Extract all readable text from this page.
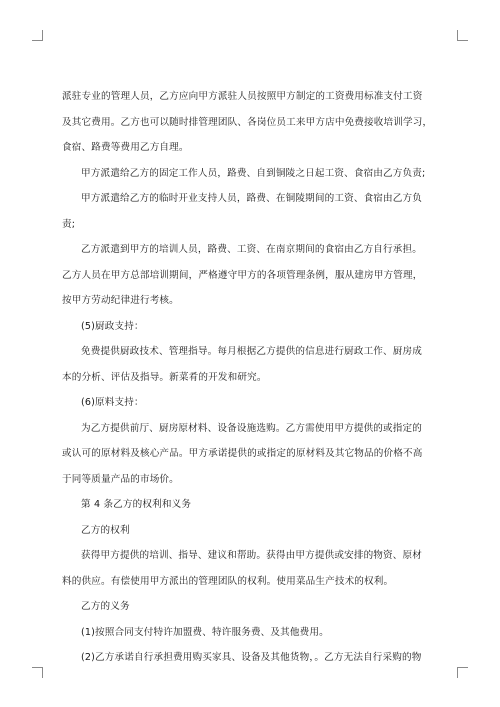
派驻专业的管理人员，乙方应向甲方派驻人员按照甲方制定的工资费用标准支付工资
及其它费用。乙方也可以随时排管理团队、各岗位员工来甲方店中免费接收培训学习，
食宿、路费等费用乙方自理。
甲方派遣给乙方的固定工作人员，路费、自到铜陵之日起工资、食宿由乙方负责;
甲方派遣给乙方的临时开业支持人员，路费、在铜陵期间的工资、食宿由乙方负
责;
乙方派遣到甲方的培训人员，路费、工资、在南京期间的食宿由乙方自行承担。
乙方人员在甲方总部培训期间，严格遵守甲方的各项管理条例，服从建房甲方管理，
按甲方劳动纪律进行考核。
(5)厨政支持：
免费提供厨政技术、管理指导。每月根据乙方提供的信息进行厨政工作、厨房成
本的分析、评估及指导。新菜肴的开发和研究。
(6)原料支持：
为乙方提供前厅、厨房原材料、设备设施选购。乙方需使用甲方提供的或指定的
或认可的原材料及核心产品。甲方承诺提供的或指定的原材料及其它物品的价格不高
于同等质量产品的市场价。
第 4 条乙方的权利和义务
乙方的权利
获得甲方提供的培训、指导、建议和帮助。获得由甲方提供或安排的物资、原材
料的供应。有偿使用甲方派出的管理团队的权利。使用菜品生产技术的权利。
乙方的义务
(1)按照合同支付特许加盟费、特许服务费、及其他费用。
(2)乙方承诺自行承担费用购买家具、设备及其他货物，。乙方无法自行采购的物
